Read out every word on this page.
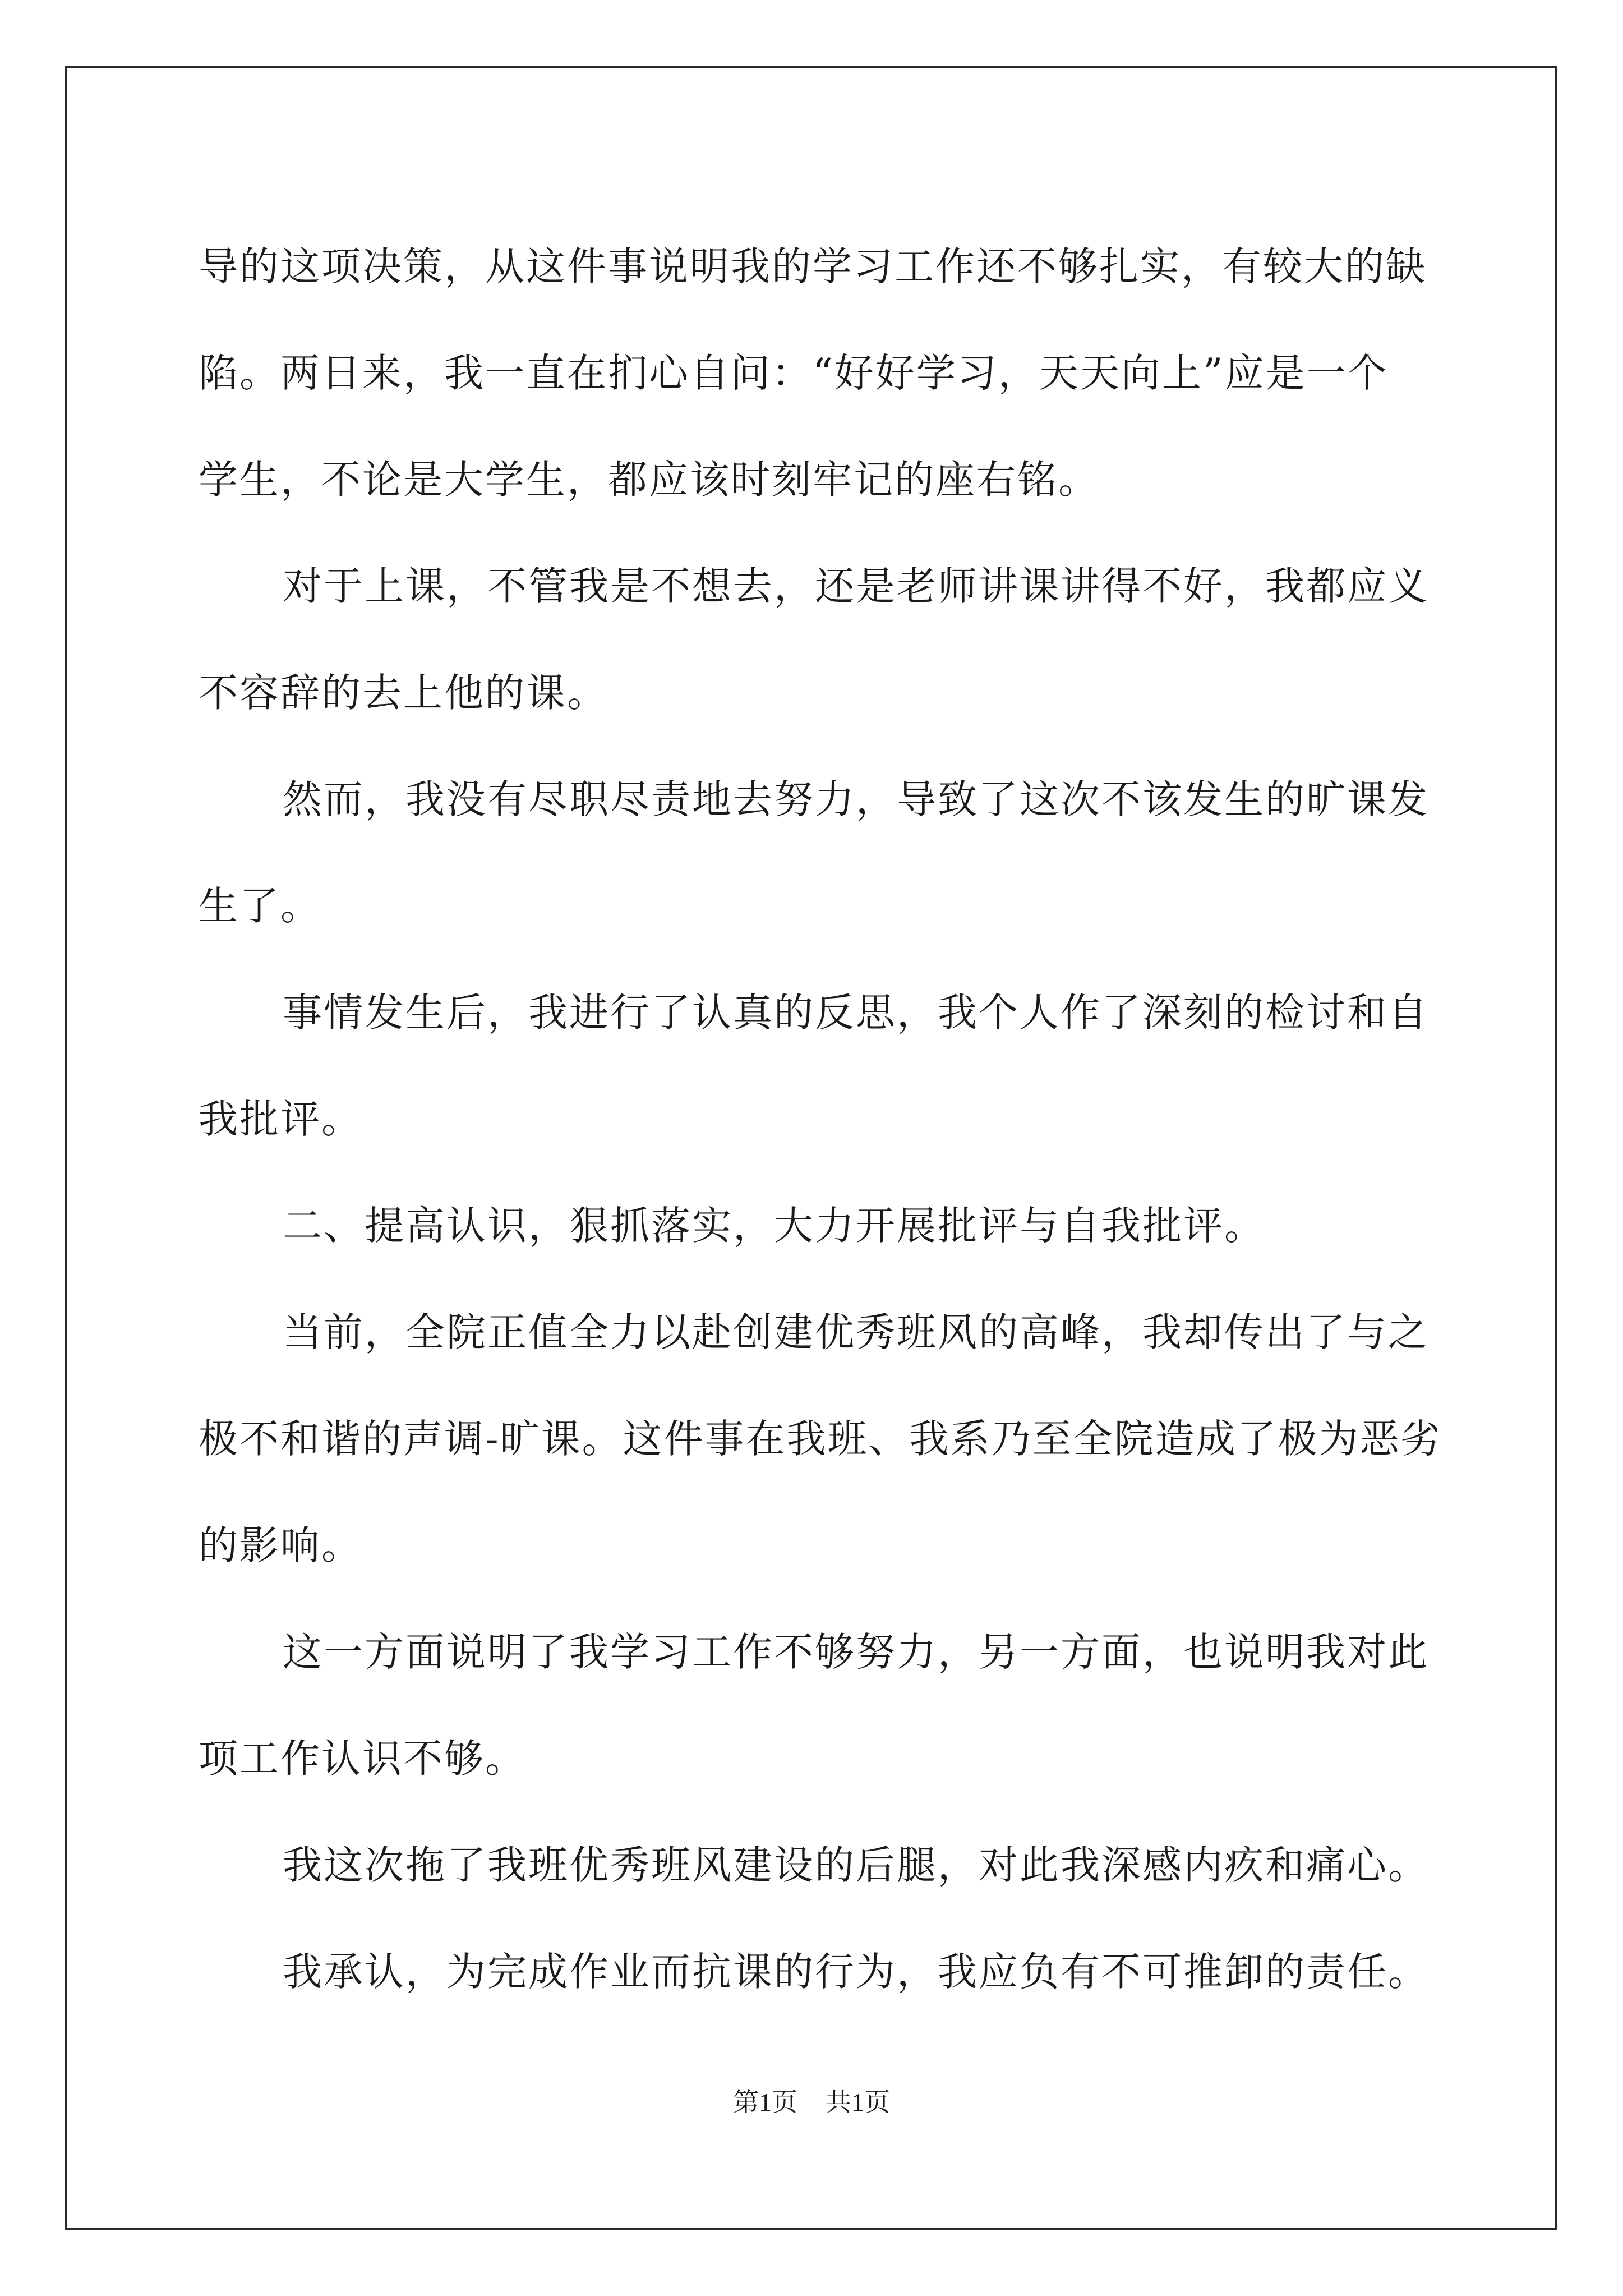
导的这项决策，从这件事说明我的学习工作还不够扎实，有较大的缺
陷。两日来，我一直在扪心自问：“好好学习，天天向上”应是一个
学生，不论是大学生，都应该时刻牢记的座右铭。

对于上课，不管我是不想去，还是老师讲课讲得不好，我都应义
不容辞的去上他的课。

然而，我没有尽职尽责地去努力，导致了这次不该发生的旷课发
生了。

事情发生后，我进行了认真的反思，我个人作了深刻的检讨和自
我批评。

二、提高认识，狠抓落实，大力开展批评与自我批评。

当前，全院正值全力以赴创建优秀班风的高峰，我却传出了与之
极不和谐的声调-旷课。这件事在我班、我系乃至全院造成了极为恶劣
的影响。

这一方面说明了我学习工作不够努力，另一方面，也说明我对此
项工作认识不够。

我这次拖了我班优秀班风建设的后腿，对此我深感内疚和痛心。

我承认，为完成作业而抗课的行为，我应负有不可推卸的责任。

第1页 共1页
